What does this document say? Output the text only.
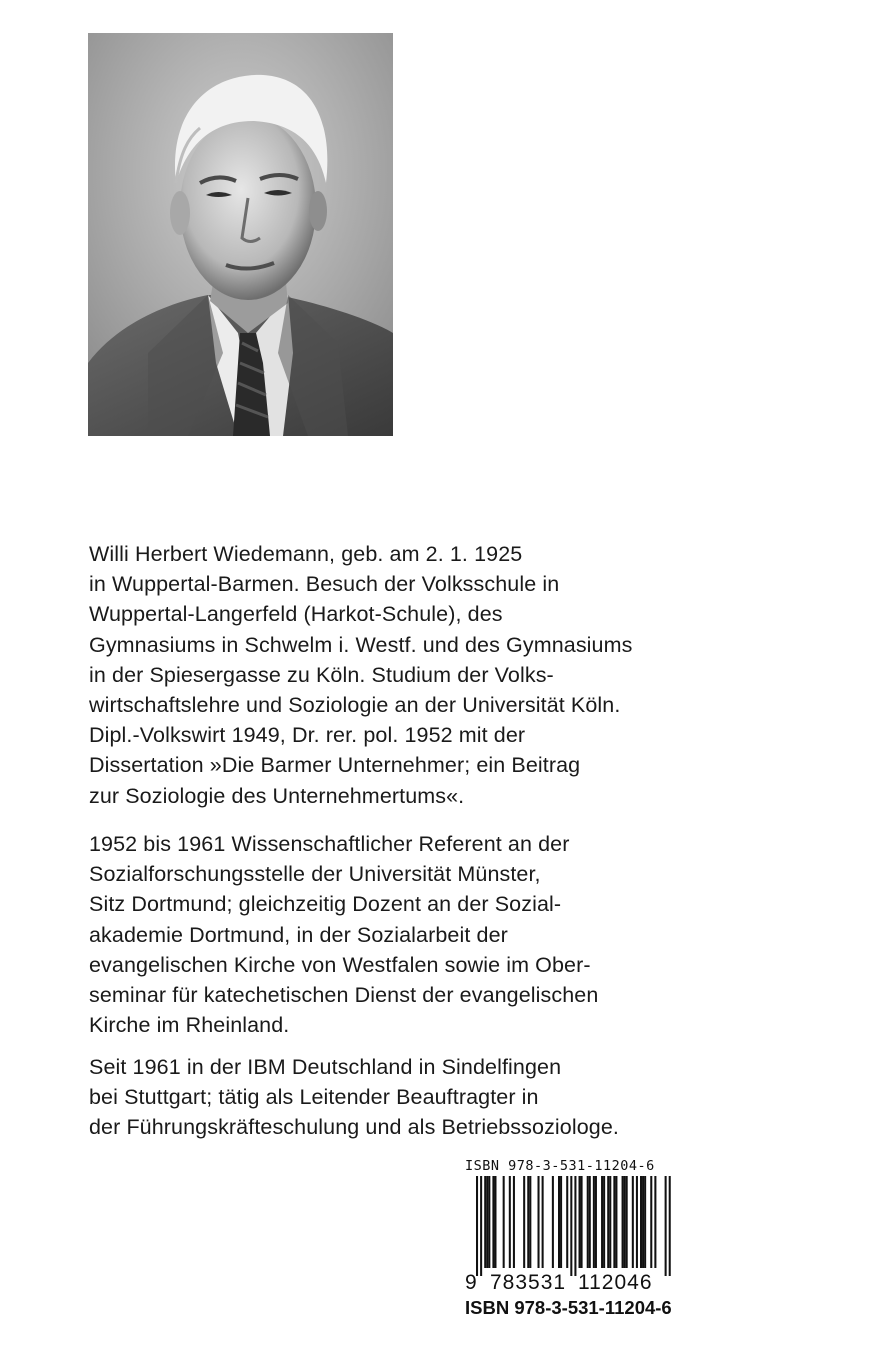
Willi Herbert Wiedemann, geb. am 2. 1. 1925
in Wuppertal-Barmen. Besuch der Volksschule in
Wuppertal-Langerfeld (Harkot-Schule), des
Gymnasiums in Schwelm i. Westf. und des Gymnasiums
in der Spiesergasse zu Köln. Studium der Volks-
wirtschaftslehre und Soziologie an der Universität Köln.
Dipl.-Volkswirt 1949, Dr. rer. pol. 1952 mit der
Dissertation »Die Barmer Unternehmer; ein Beitrag
zur Soziologie des Unternehmertums«.
1952 bis 1961 Wissenschaftlicher Referent an der
Sozialforschungsstelle der Universität Münster,
Sitz Dortmund; gleichzeitig Dozent an der Sozial-
akademie Dortmund, in der Sozialarbeit der
evangelischen Kirche von Westfalen sowie im Ober-
seminar für katechetischen Dienst der evangelischen
Kirche im Rheinland.
Seit 1961 in der IBM Deutschland in Sindelfingen
bei Stuttgart; tätig als Leitender Beauftragter in
der Führungskräfteschulung und als Betriebssoziologe.
ISBN 978-3-531-11204-6
9 783531 112046
ISBN 978-3-531-11204-6
